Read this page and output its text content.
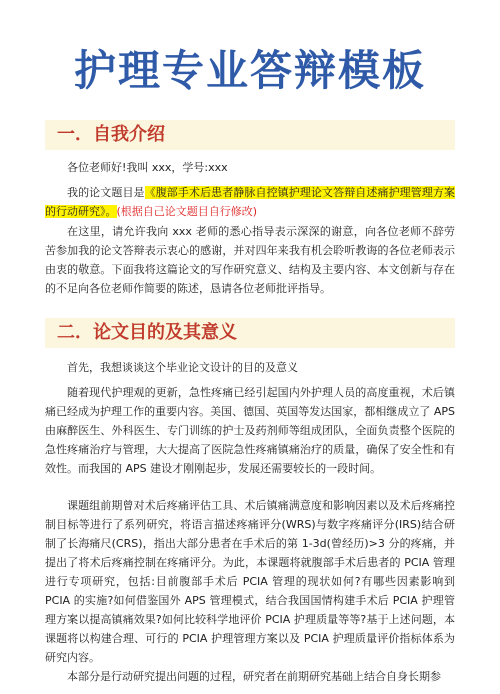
护理专业答辩模板
一．自我介绍

各位老师好!我叫 xxx，学号:xxx

我的论文题目是《腹部手术后患者静脉自控镇护理论文答辩自述痛护理管理方案的行动研究》。(根据自己论文题目自行修改)

在这里，请允许我向 xxx 老师的悉心指导表示深深的谢意，向各位老师不辞劳苦参加我的论文答辩表示衷心的感谢，并对四年来我有机会聆听教诲的各位老师表示由衷的敬意。下面我将这篇论文的写作研究意义、结构及主要内容、本文创新与存在的不足向各位老师作简要的陈述，恳请各位老师批评指导。

二．论文目的及其意义

首先，我想谈谈这个毕业论文设计的目的及意义

随着现代护理观的更新，急性疼痛已经引起国内外护理人员的高度重视，术后镇痛已经成为护理工作的重要内容。美国、德国、英国等发达国家，都相继成立了 APS 由麻醉医生、外科医生、专门训练的护士及药剂师等组成团队，全面负责整个医院的急性疼痛治疗与管理，大大提高了医院急性疼痛镇痛治疗的质量，确保了安全性和有效性。而我国的 APS 建设才刚刚起步，发展还需要较长的一段时间。

课题组前期曾对术后疼痛评估工具、术后镇痛满意度和影响因素以及术后疼痛控制目标等进行了系列研究，将语言描述疼痛评分(WRS)与数字疼痛评分(IRS)结合研制了长海痛尺(CRS)，指出大部分患者在手术后的第 1-3d(曾经历)>3 分的疼痛，并提出了将术后疼痛控制在疼痛评分。为此，本课题将就腹部手术后患者的 PCIA 管理进行专项研究，包括:目前腹部手术后 PCIA 管理的现状如何?有哪些因素影响到 PCIA 的实施?如何借鉴国外 APS 管理模式，结合我国国情构建手术后 PCIA 护理管理方案以提高镇痛效果?如何比较科学地评价 PCIA 护理质量等等?基于上述问题，本课题将以构建合理、可行的 PCIA 护理管理方案以及 PCIA 护理质量评价指标体系为研究内容。

本部分是行动研究提出问题的过程，研究者在前期研究基础上结合自身长期参
